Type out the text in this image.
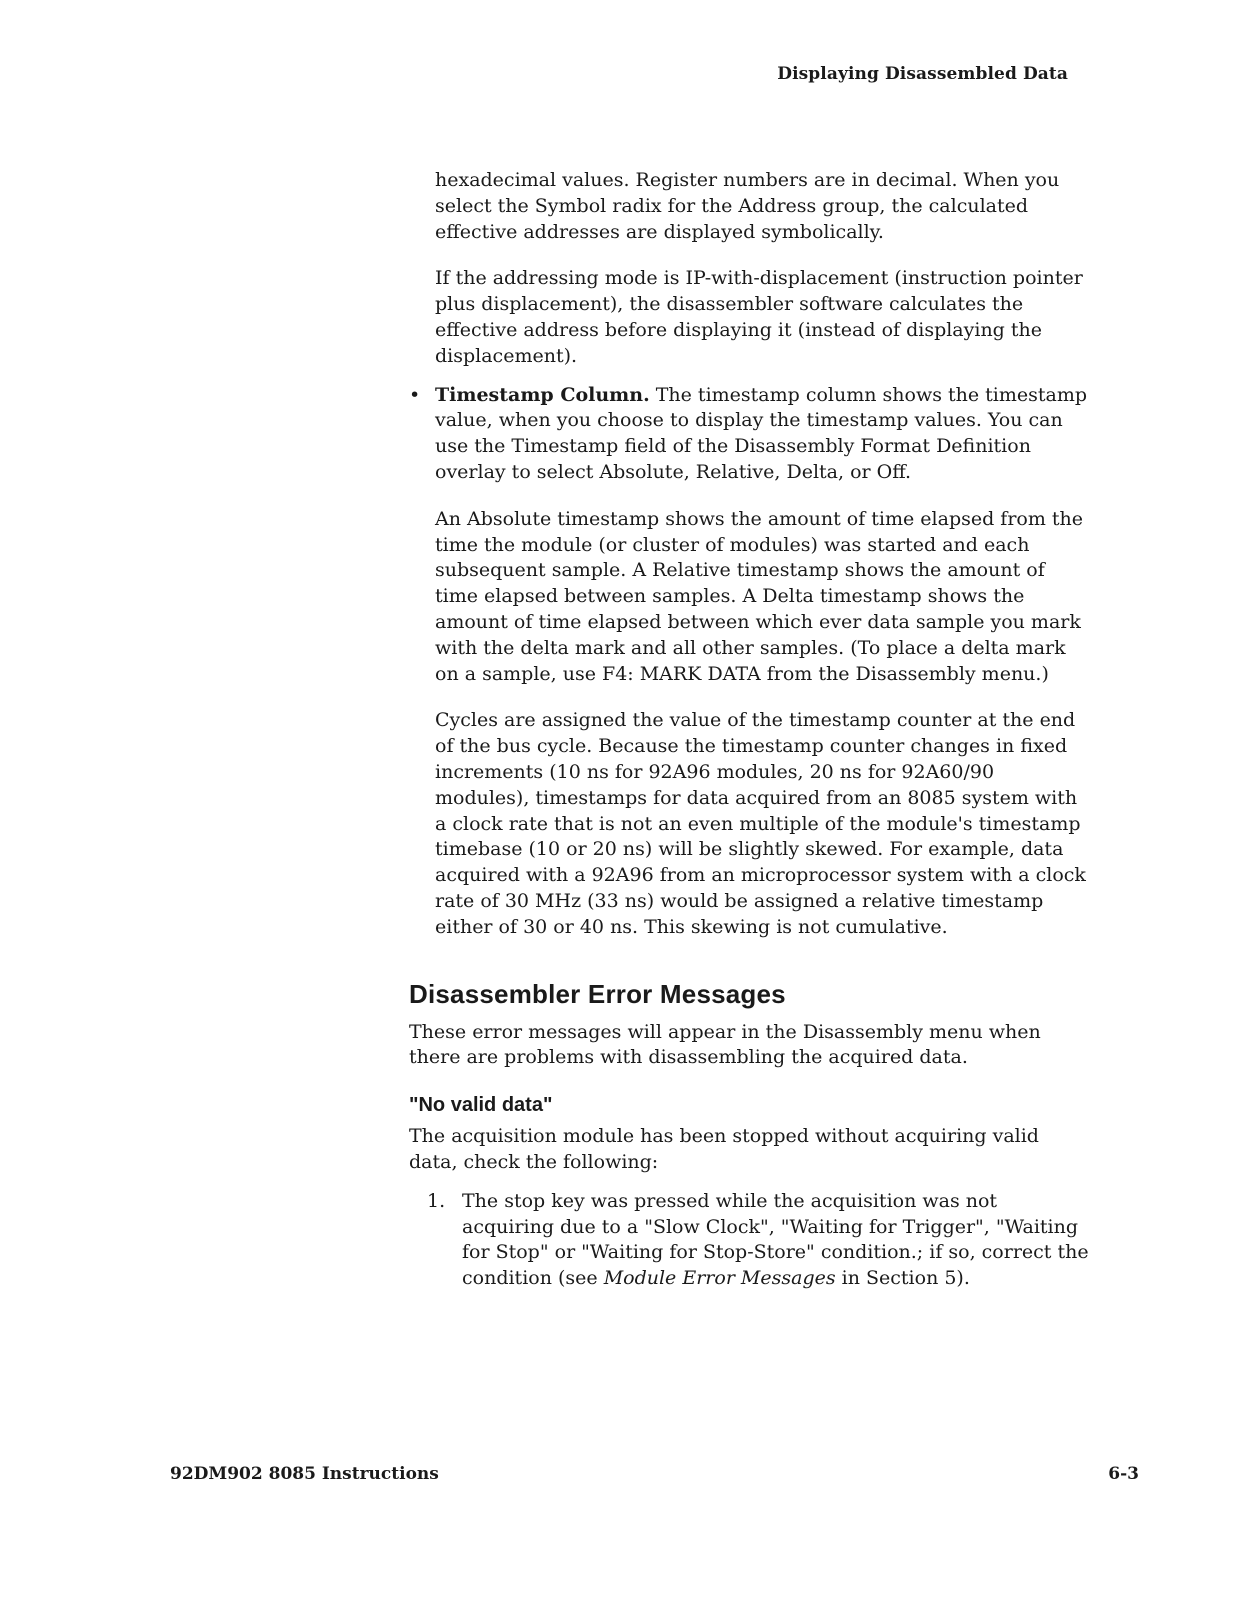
Displaying Disassembled Data

hexadecimal values. Register numbers are in decimal. When you select the Symbol radix for the Address group, the calculated effective addresses are displayed symbolically.

If the addressing mode is IP-with-displacement (instruction pointer plus displacement), the disassembler software calculates the effective address before displaying it (instead of displaying the displacement).

• Timestamp Column. The timestamp column shows the timestamp value, when you choose to display the timestamp values. You can use the Timestamp field of the Disassembly Format Definition overlay to select Absolute, Relative, Delta, or Off.

An Absolute timestamp shows the amount of time elapsed from the time the module (or cluster of modules) was started and each subsequent sample. A Relative timestamp shows the amount of time elapsed between samples. A Delta timestamp shows the amount of time elapsed between which ever data sample you mark with the delta mark and all other samples. (To place a delta mark on a sample, use F4: MARK DATA from the Disassembly menu.)

Cycles are assigned the value of the timestamp counter at the end of the bus cycle. Because the timestamp counter changes in fixed increments (10 ns for 92A96 modules, 20 ns for 92A60/90 modules), timestamps for data acquired from an 8085 system with a clock rate that is not an even multiple of the module's timestamp timebase (10 or 20 ns) will be slightly skewed. For example, data acquired with a 92A96 from an microprocessor system with a clock rate of 30 MHz (33 ns) would be assigned a relative timestamp either of 30 or 40 ns. This skewing is not cumulative.

Disassembler Error Messages

These error messages will appear in the Disassembly menu when there are problems with disassembling the acquired data.

"No valid data"

The acquisition module has been stopped without acquiring valid data, check the following:

1. The stop key was pressed while the acquisition was not acquiring due to a "Slow Clock", "Waiting for Trigger", "Waiting for Stop" or "Waiting for Stop-Store" condition.; if so, correct the condition (see Module Error Messages in Section 5).

92DM902 8085 Instructions	6-3
